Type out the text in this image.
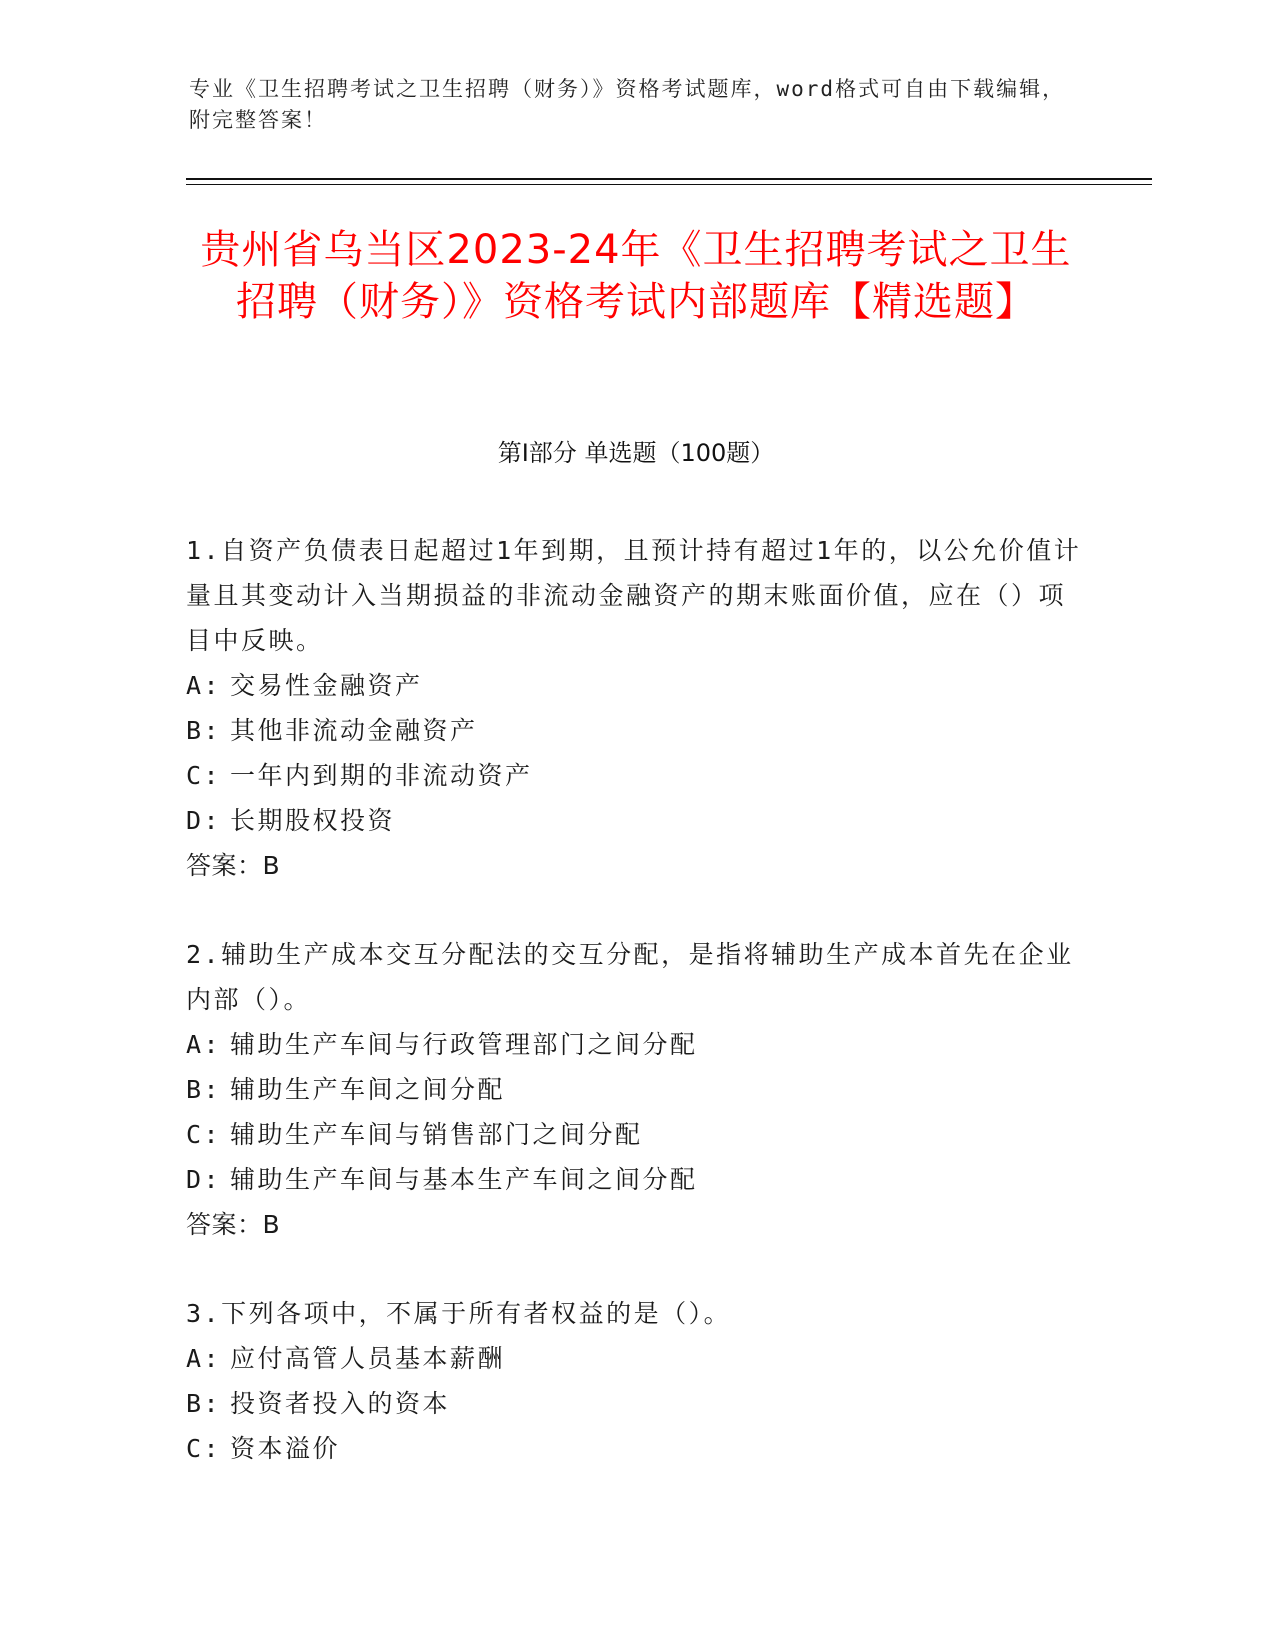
专业《卫生招聘考试之卫生招聘（财务）》资格考试题库，word格式可自由下载编辑，附完整答案！
贵州省乌当区2023-24年《卫生招聘考试之卫生招聘（财务）》资格考试内部题库【精选题】
第Ⅰ部分 单选题（100题）
1.自资产负债表日起超过1年到期，且预计持有超过1年的，以公允价值计量且其变动计入当期损益的非流动金融资产的期末账面价值，应在（）项目中反映。
A: 交易性金融资产
B: 其他非流动金融资产
C: 一年内到期的非流动资产
D: 长期股权投资
答案：B
2.辅助生产成本交互分配法的交互分配，是指将辅助生产成本首先在企业内部（）。
A: 辅助生产车间与行政管理部门之间分配
B: 辅助生产车间之间分配
C: 辅助生产车间与销售部门之间分配
D: 辅助生产车间与基本生产车间之间分配
答案：B
3.下列各项中，不属于所有者权益的是（）。
A: 应付高管人员基本薪酬
B: 投资者投入的资本
C: 资本溢价
